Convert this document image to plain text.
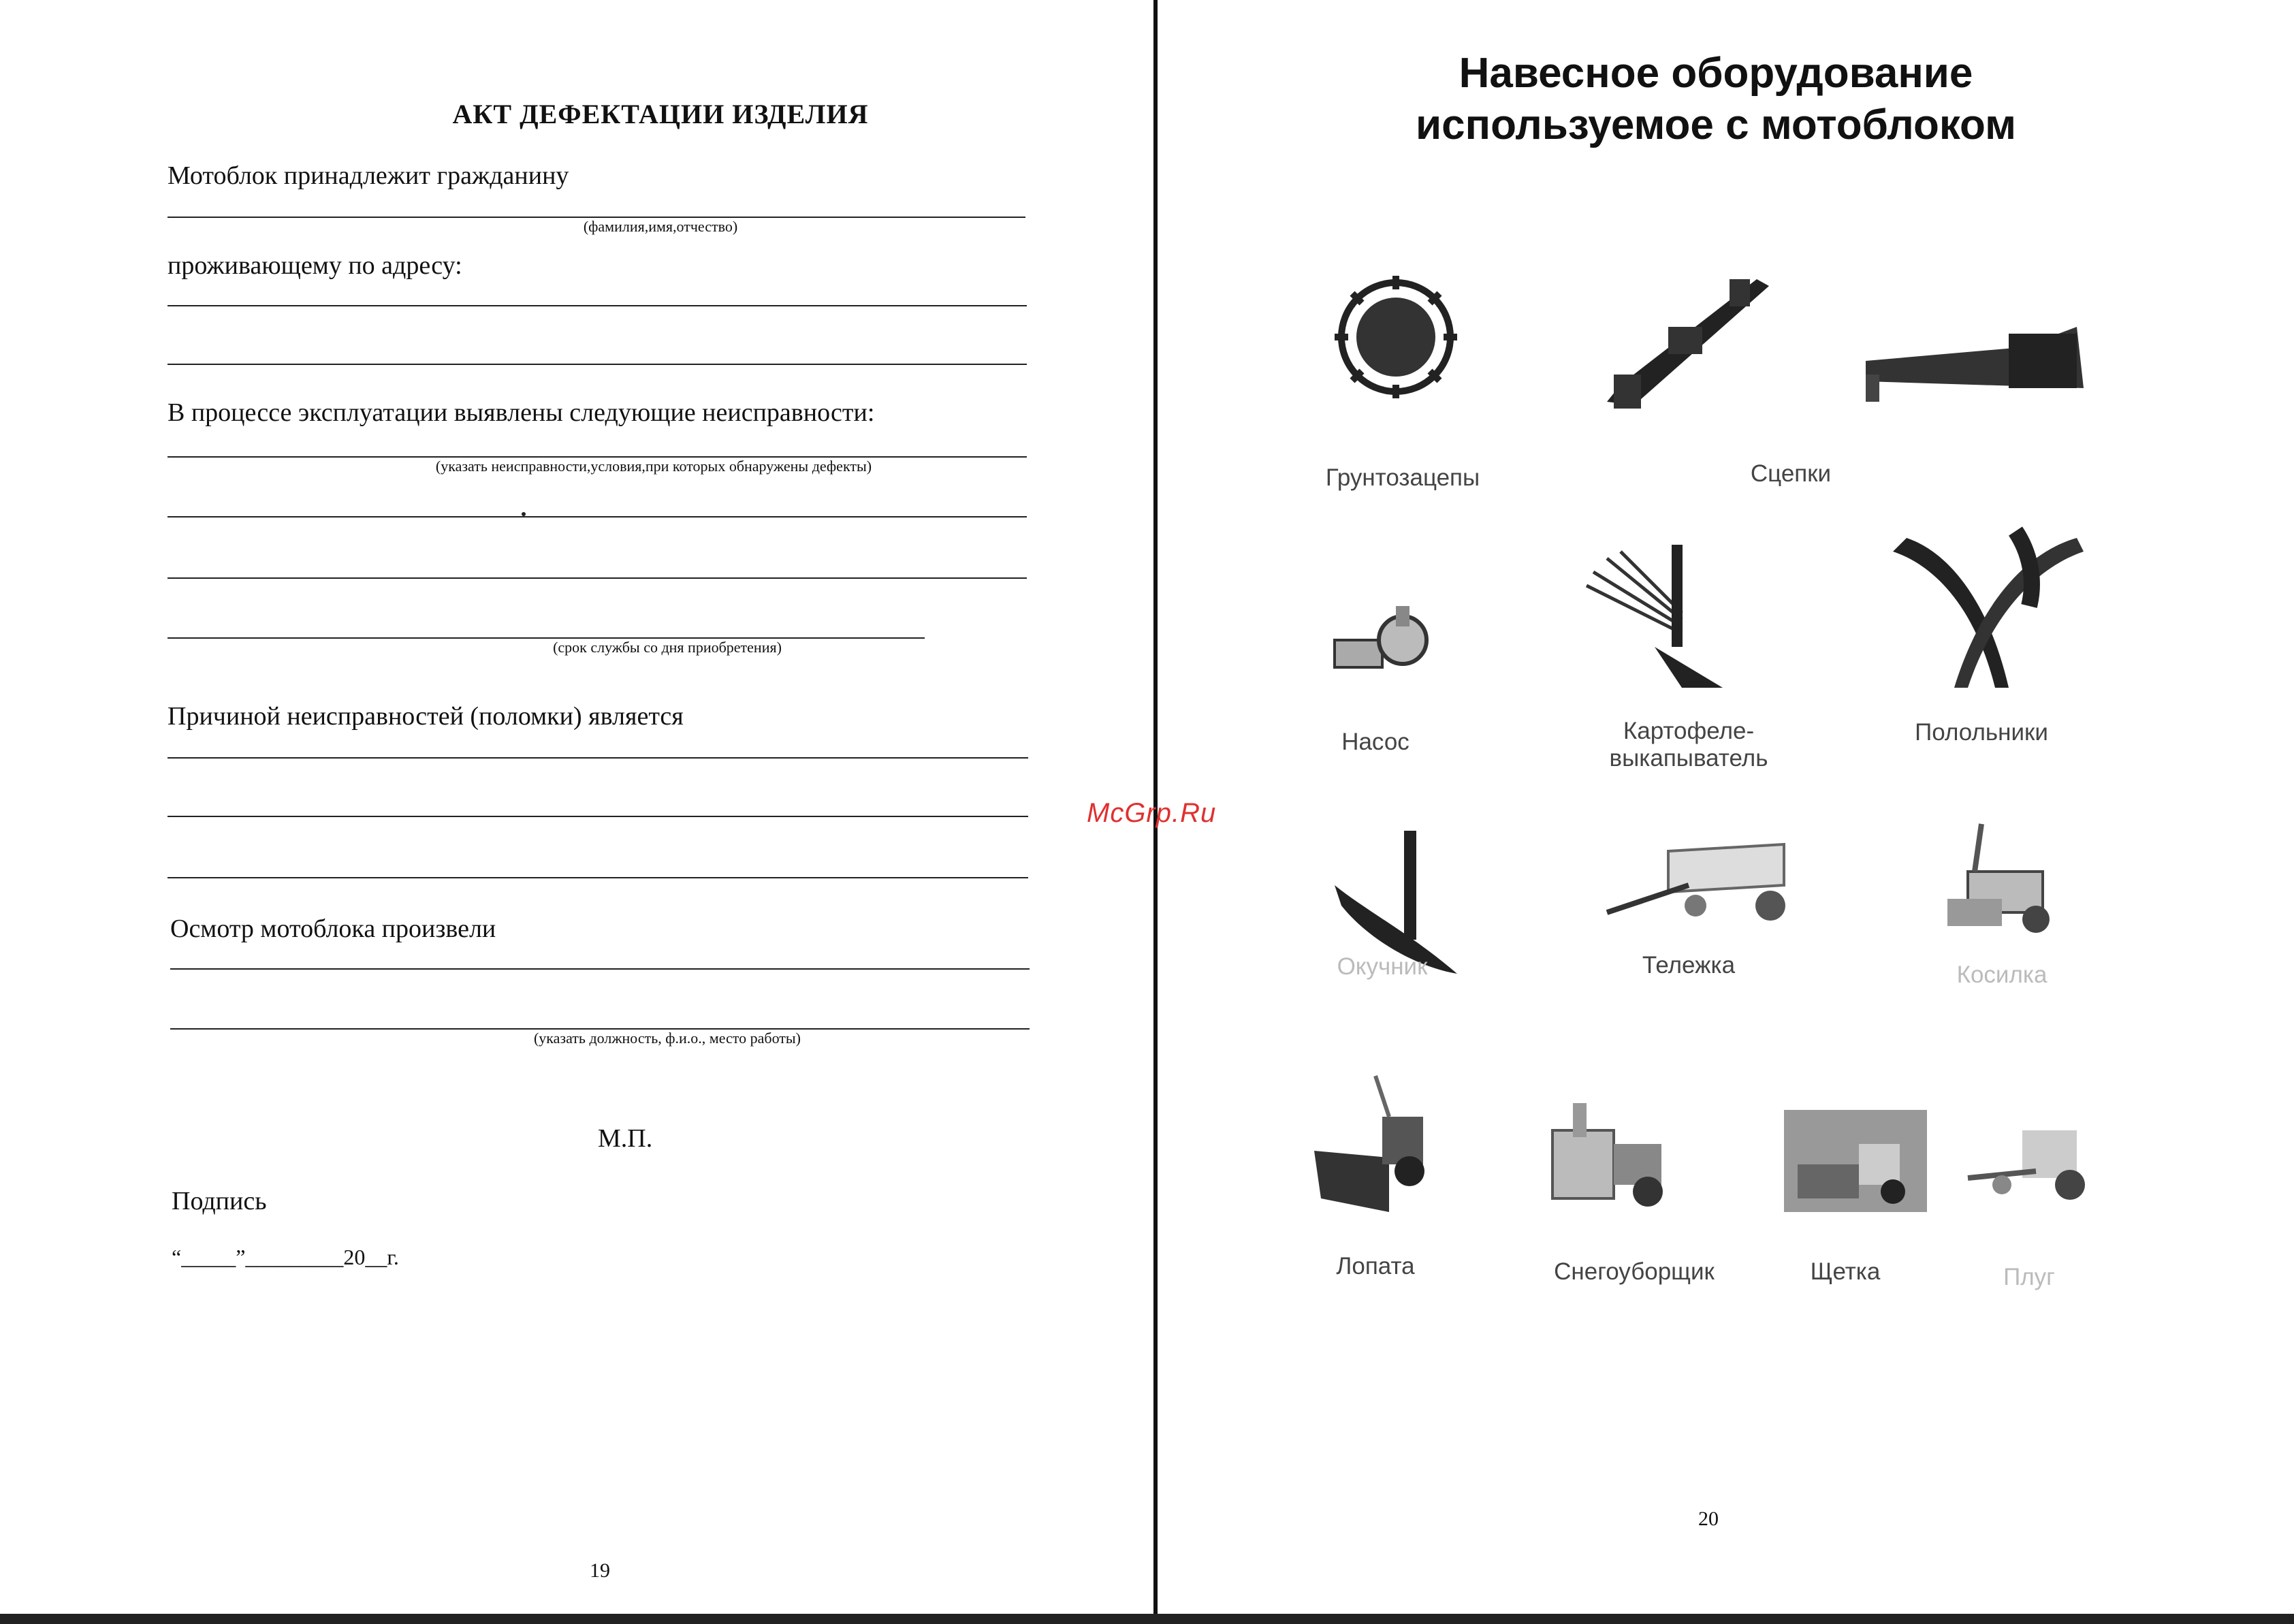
АКТ ДЕФЕКТАЦИИ ИЗДЕЛИЯ
Мотоблок принадлежит гражданину
(фамилия,имя,отчество)
проживающему по адресу:
В процессе эксплуатации выявлены следующие неисправности:
(указать неисправности,условия,при которых обнаружены дефекты)
(срок службы со дня приобретения)
Причиной неисправностей (поломки) является
Осмотр мотоблока произвели
(указать должность, ф.и.о., место работы)
М.П.
Подпись
“_____”_________20__г.
19
McGrp.Ru
Навесное оборудование
используемое с мотоблоком
Грунтозацепы	Сцепки
Насос	Картофеле-
выкапыватель
Полольники
Окучник	Тележка	Косилка
Лопата	Снегоуборщик	Щетка	Плуг
20
